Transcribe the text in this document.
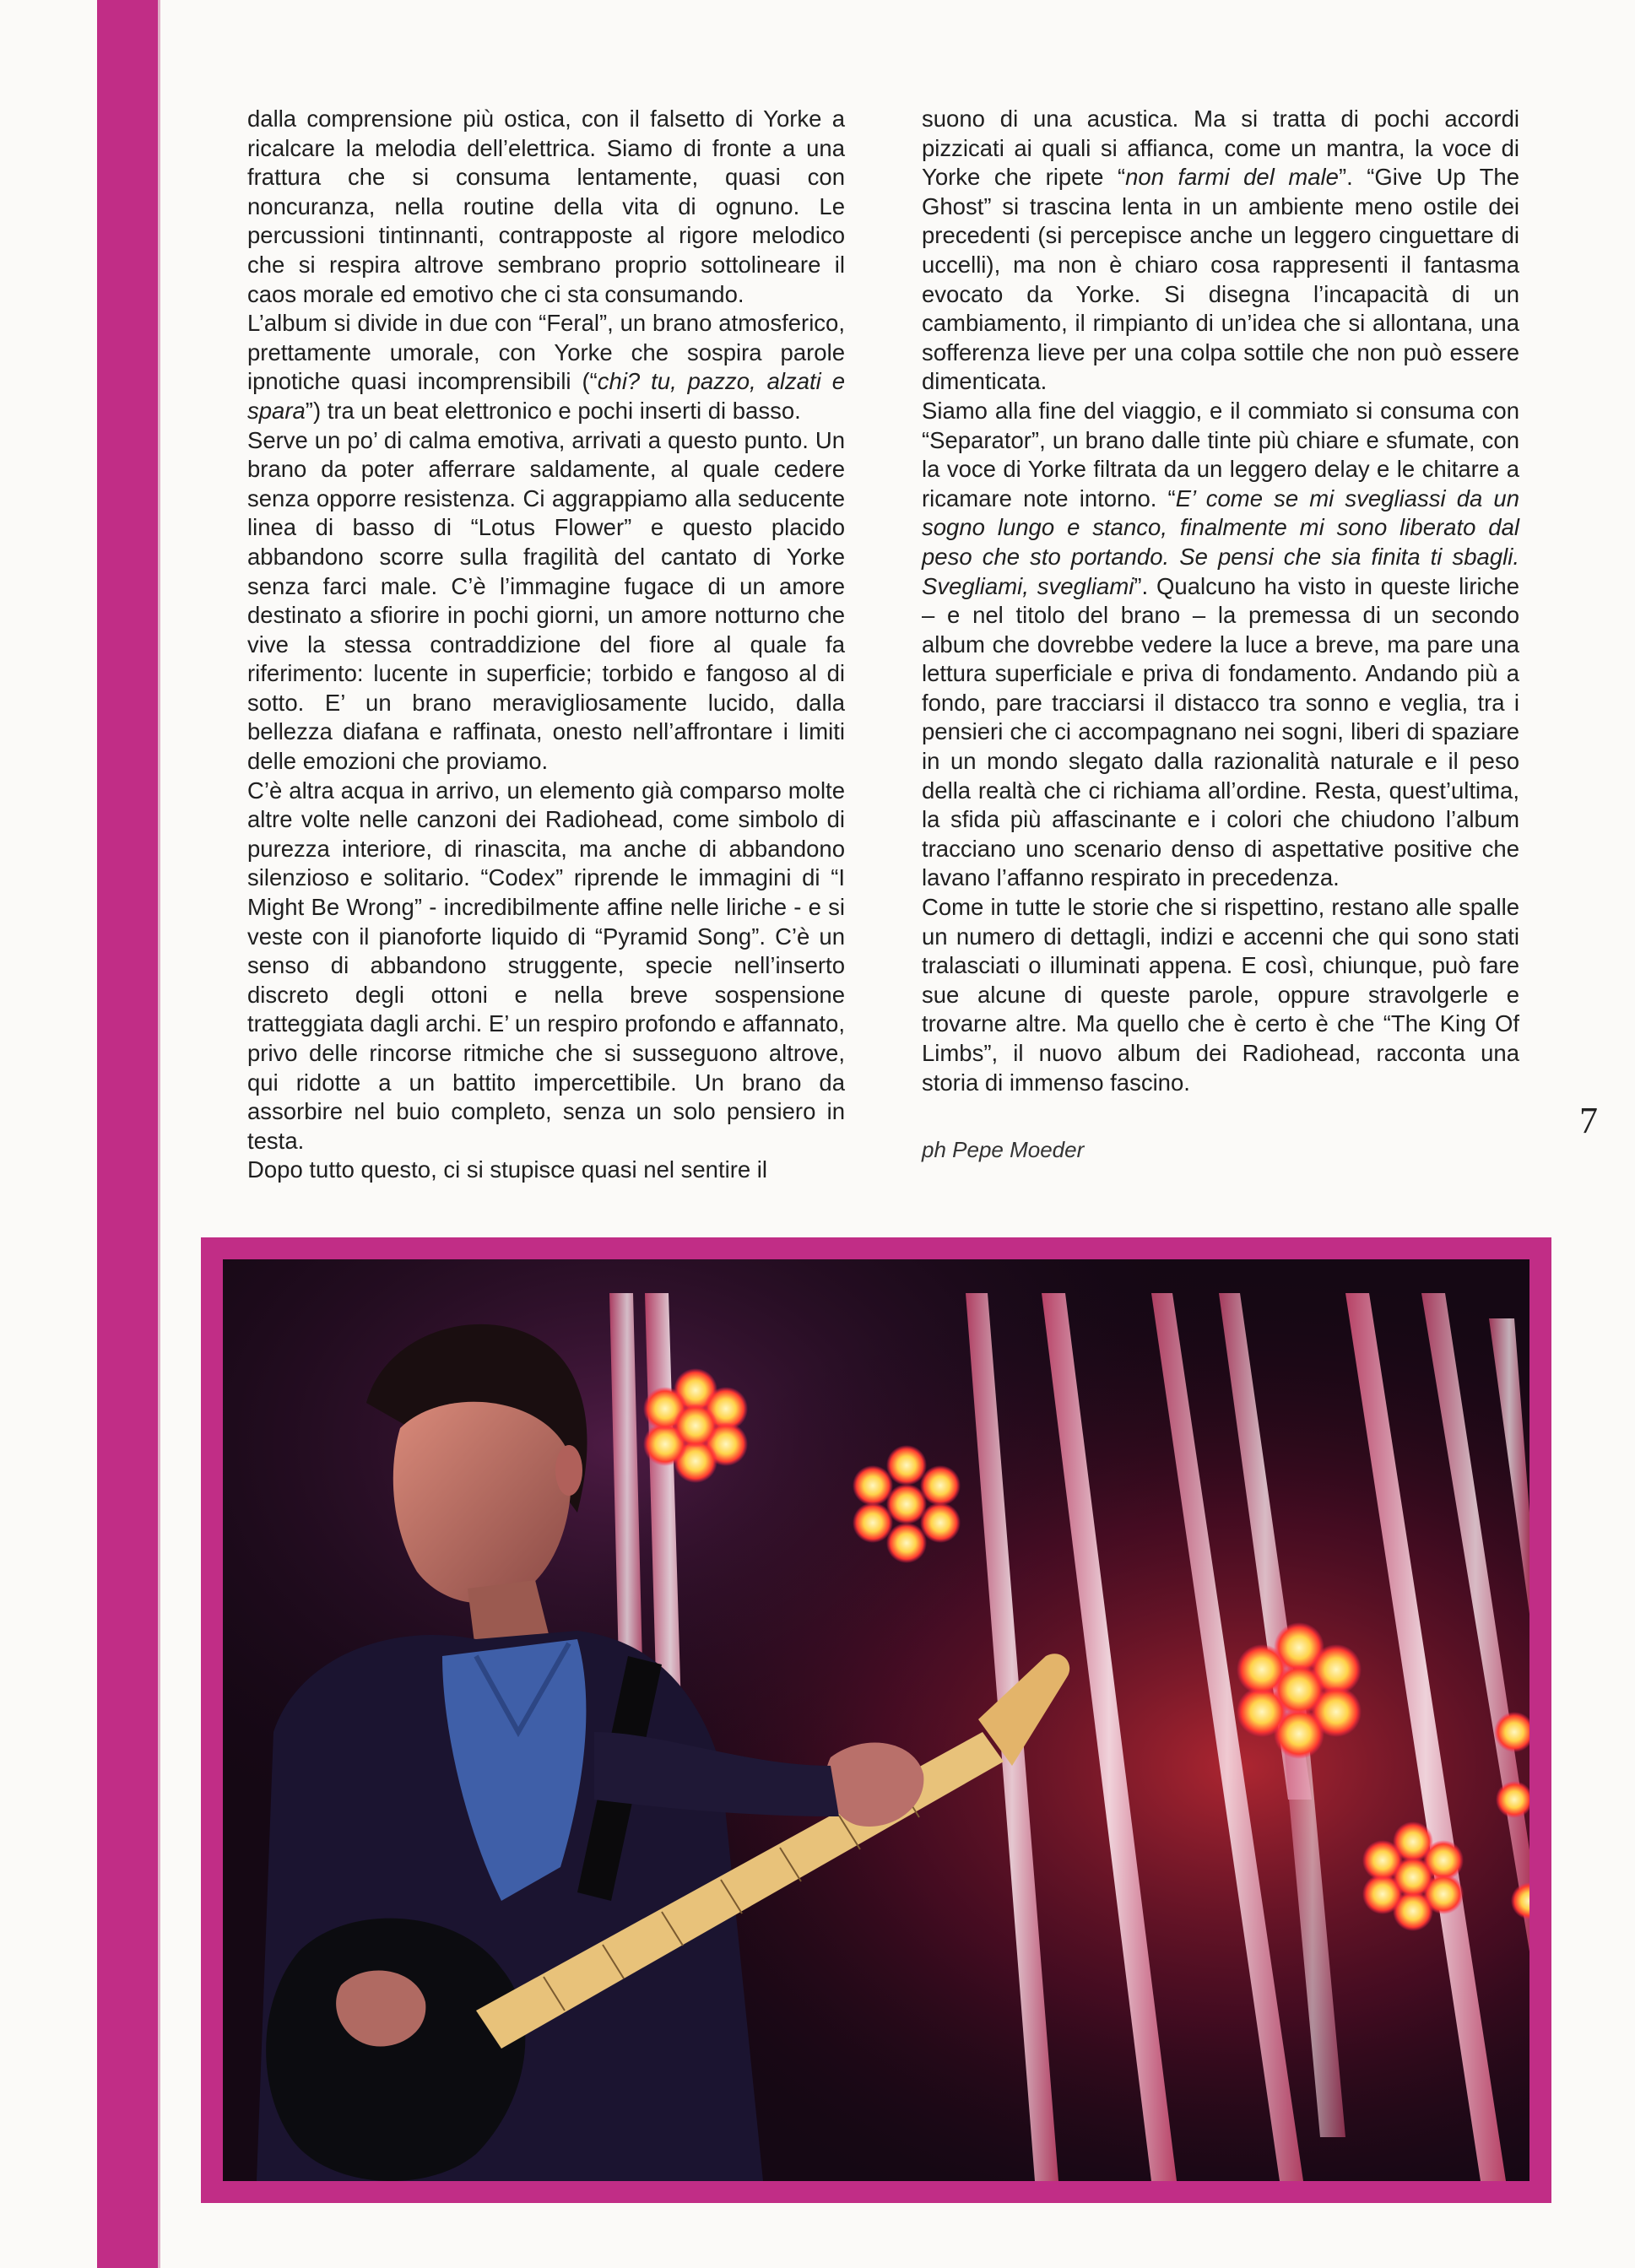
dalla comprensione più ostica, con il falsetto di Yorke a ricalcare la melodia dell’elettrica. Siamo di fronte a una frattura che si consuma lentamente, quasi con noncuranza, nella routine della vita di ognuno. Le percussioni tintinnanti, contrapposte al rigore melodico che si respira altrove sembrano proprio sottolineare il caos morale ed emotivo che ci sta consumando.

L’album si divide in due con “Feral”, un brano atmosferico, prettamente umorale, con Yorke che sospira parole ipnotiche quasi incomprensibili (“chi? tu, pazzo, alzati e spara”) tra un beat elettronico e pochi inserti di basso.

Serve un po’ di calma emotiva, arrivati a questo punto. Un brano da poter afferrare saldamente, al quale cedere senza opporre resistenza. Ci aggrappiamo alla seducente linea di basso di “Lotus Flower” e questo placido abbandono scorre sulla fragilità del cantato di Yorke senza farci male. C’è l’immagine fugace di un amore destinato a sfiorire in pochi giorni, un amore notturno che vive la stessa contraddizione del fiore al quale fa riferimento: lucente in superficie; torbido e fangoso al di sotto. E’ un brano meravigliosamente lucido, dalla bellezza diafana e raffinata, onesto nell’affrontare i limiti delle emozioni che proviamo.

C’è altra acqua in arrivo, un elemento già comparso molte altre volte nelle canzoni dei Radiohead, come simbolo di purezza interiore, di rinascita, ma anche di abbandono silenzioso e solitario. “Codex” riprende le immagini di “I Might Be Wrong” - incredibilmente affine nelle liriche - e si veste con il pianoforte liquido di “Pyramid Song”. C’è un senso di abbandono struggente, specie nell’inserto discreto degli ottoni e nella breve sospensione tratteggiata dagli archi. E’ un respiro profondo e affannato, privo delle rincorse ritmiche che si susseguono altrove, qui ridotte a un battito impercettibile. Un brano da assorbire nel buio completo, senza un solo pensiero in testa.

Dopo tutto questo, ci si stupisce quasi nel sentire il

suono di una acustica. Ma si tratta di pochi accordi pizzicati ai quali si affianca, come un mantra, la voce di Yorke che ripete “non farmi del male”. “Give Up The Ghost” si trascina lenta in un ambiente meno ostile dei precedenti (si percepisce anche un leggero cinguettare di uccelli), ma non è chiaro cosa rappresenti il fantasma evocato da Yorke. Si disegna l’incapacità di un cambiamento, il rimpianto di un’idea che si allontana, una sofferenza lieve per una colpa sottile che non può essere dimenticata.

Siamo alla fine del viaggio, e il commiato si consuma con “Separator”, un brano dalle tinte più chiare e sfumate, con la voce di Yorke filtrata da un leggero delay e le chitarre a ricamare note intorno. “E’ come se mi svegliassi da un sogno lungo e stanco, finalmente mi sono liberato dal peso che sto portando. Se pensi che sia finita ti sbagli. Svegliami, svegliami”. Qualcuno ha visto in queste liriche – e nel titolo del brano – la premessa di un secondo album che dovrebbe vedere la luce a breve, ma pare una lettura superficiale e priva di fondamento. Andando più a fondo, pare tracciarsi il distacco tra sonno e veglia, tra i pensieri che ci accompagnano nei sogni, liberi di spaziare in un mondo slegato dalla razionalità naturale e il peso della realtà che ci richiama all’ordine. Resta, quest’ultima, la sfida più affascinante e i colori che chiudono l’album tracciano uno scenario denso di aspettative positive che lavano l’affanno respirato in precedenza.

Come in tutte le storie che si rispettino, restano alle spalle un numero di dettagli, indizi e accenni che qui sono stati tralasciati o illuminati appena. E così, chiunque, può fare sue alcune di queste parole, oppure stravolgerle e trovarne altre. Ma quello che è certo è che “The King Of Limbs”, il nuovo album dei Radiohead, racconta una storia di immenso fascino.

ph Pepe Moeder
7
